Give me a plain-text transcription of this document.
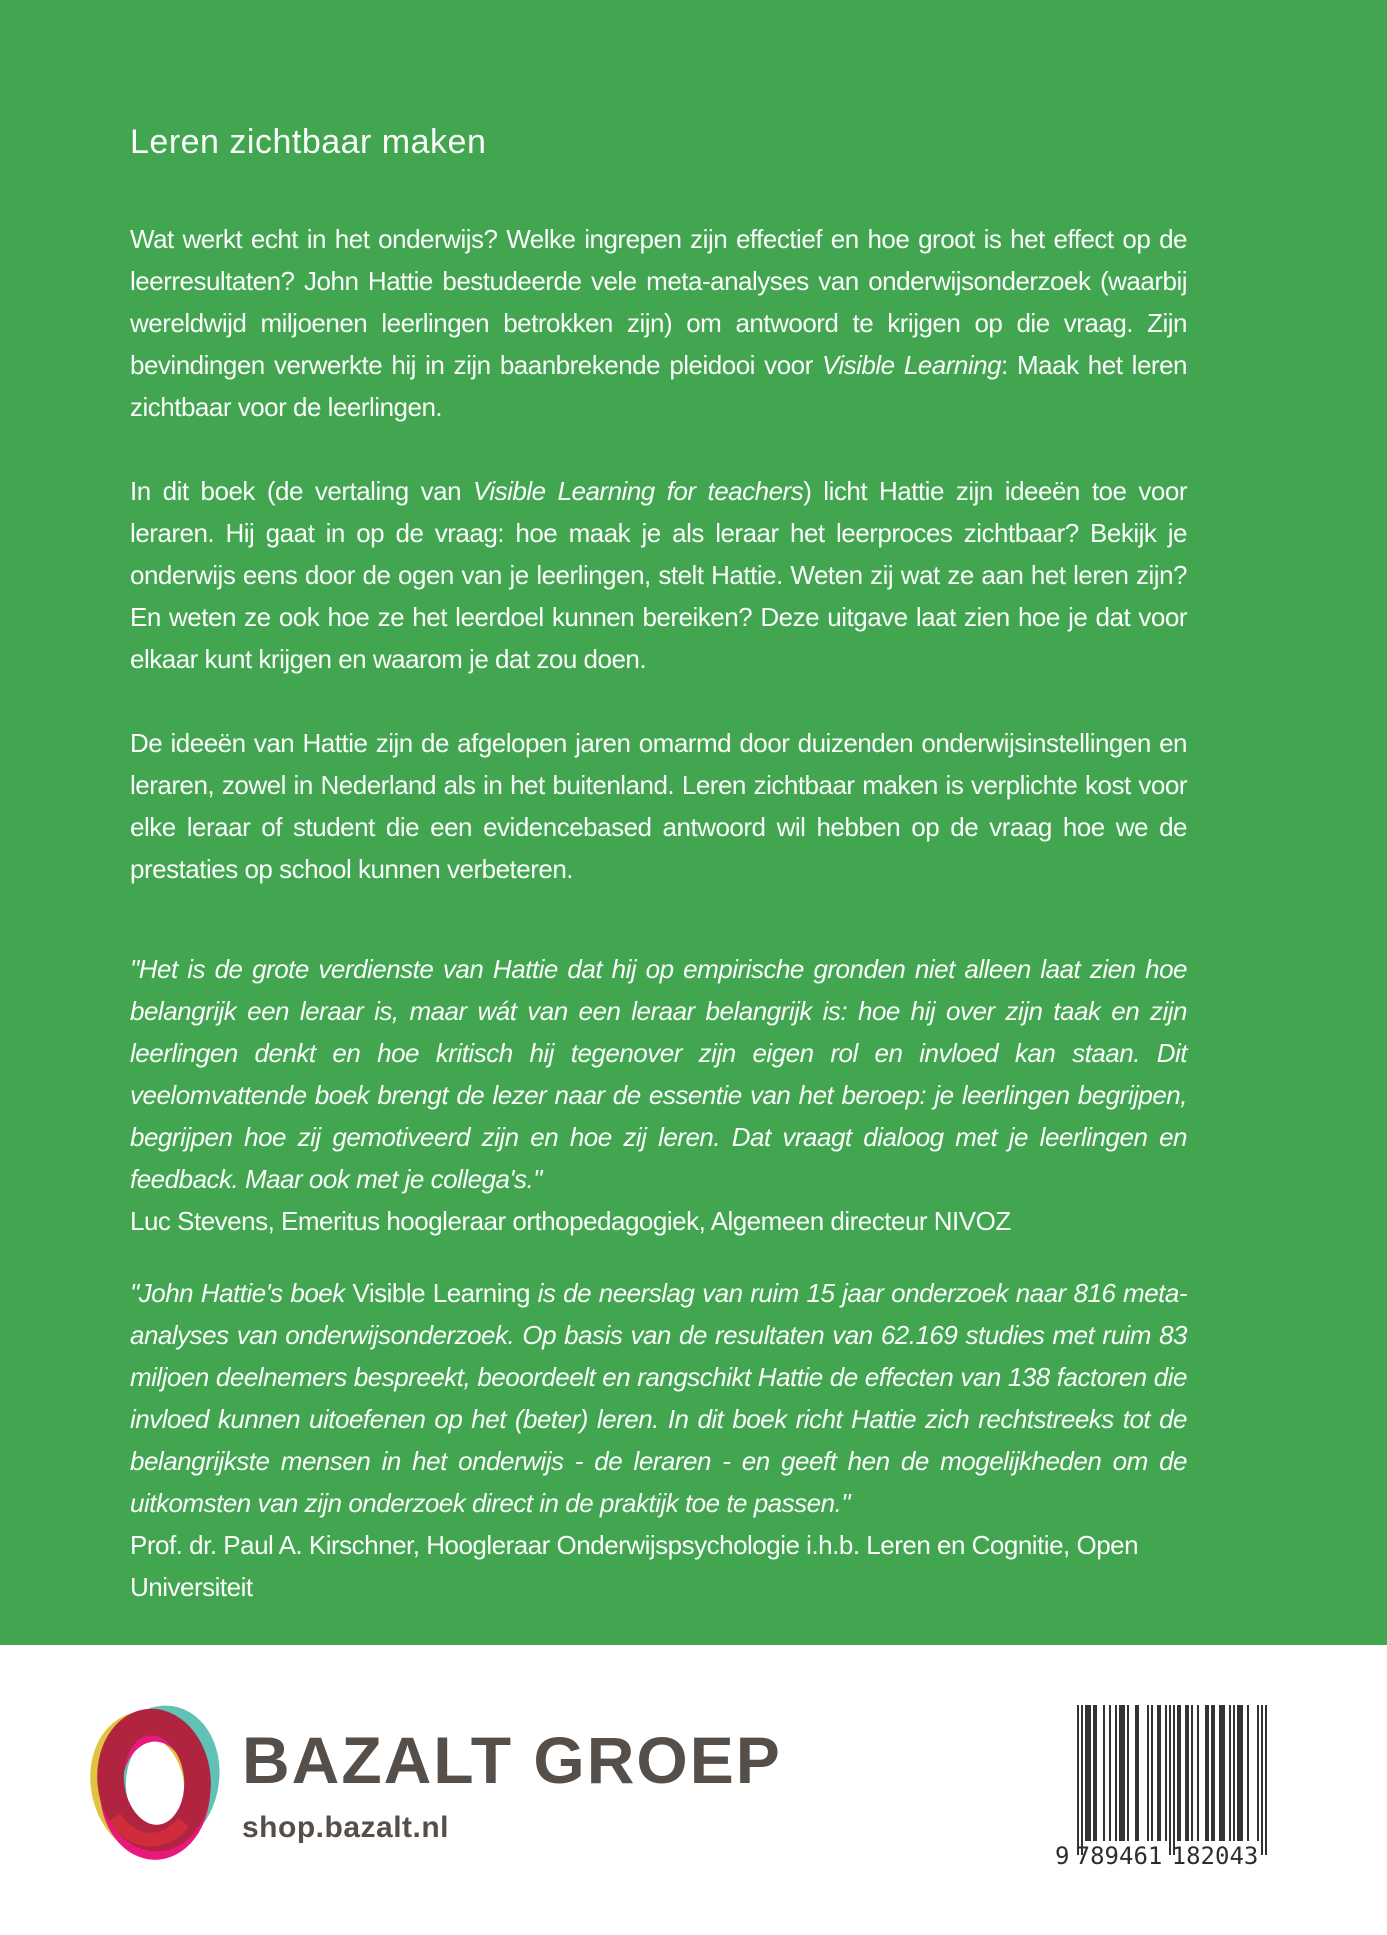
Leren zichtbaar maken

Wat werkt echt in het onderwijs? Welke ingrepen zijn effectief en hoe groot is het effect op de leerresultaten? John Hattie bestudeerde vele meta-analyses van onderwijsonderzoek (waarbij wereldwijd miljoenen leerlingen betrokken zijn) om antwoord te krijgen op die vraag. Zijn bevindingen verwerkte hij in zijn baanbrekende pleidooi voor Visible Learning: Maak het leren zichtbaar voor de leerlingen.

In dit boek (de vertaling van Visible Learning for teachers) licht Hattie zijn ideeën toe voor leraren. Hij gaat in op de vraag: hoe maak je als leraar het leerproces zichtbaar? Bekijk je onderwijs eens door de ogen van je leerlingen, stelt Hattie. Weten zij wat ze aan het leren zijn? En weten ze ook hoe ze het leerdoel kunnen bereiken? Deze uitgave laat zien hoe je dat voor elkaar kunt krijgen en waarom je dat zou doen.

De ideeën van Hattie zijn de afgelopen jaren omarmd door duizenden onderwijsinstellingen en leraren, zowel in Nederland als in het buitenland. Leren zichtbaar maken is verplichte kost voor elke leraar of student die een evidencebased antwoord wil hebben op de vraag hoe we de prestaties op school kunnen verbeteren.

"Het is de grote verdienste van Hattie dat hij op empirische gronden niet alleen laat zien hoe belangrijk een leraar is, maar wát van een leraar belangrijk is: hoe hij over zijn taak en zijn leerlingen denkt en hoe kritisch hij tegenover zijn eigen rol en invloed kan staan. Dit veelomvattende boek brengt de lezer naar de essentie van het beroep: je leerlingen begrijpen, begrijpen hoe zij gemotiveerd zijn en hoe zij leren. Dat vraagt dialoog met je leerlingen en feedback. Maar ook met je collega's."
Luc Stevens, Emeritus hoogleraar orthopedagogiek, Algemeen directeur NIVOZ
"John Hattie's boek Visible Learning is de neerslag van ruim 15 jaar onderzoek naar 816 meta-analyses van onderwijsonderzoek. Op basis van de resultaten van 62.169 studies met ruim 83 miljoen deelnemers bespreekt, beoordeelt en rangschikt Hattie de effecten van 138 factoren die invloed kunnen uitoefenen op het (beter) leren. In dit boek richt Hattie zich rechtstreeks tot de belangrijkste mensen in het onderwijs - de leraren - en geeft hen de mogelijkheden om de uitkomsten van zijn onderzoek direct in de praktijk toe te passen."
Prof. dr. Paul A. Kirschner, Hoogleraar Onderwijspsychologie i.h.b. Leren en Cognitie, Open Universiteit
BAZALT GROEP
shop.bazalt.nl
9 789461 182043
